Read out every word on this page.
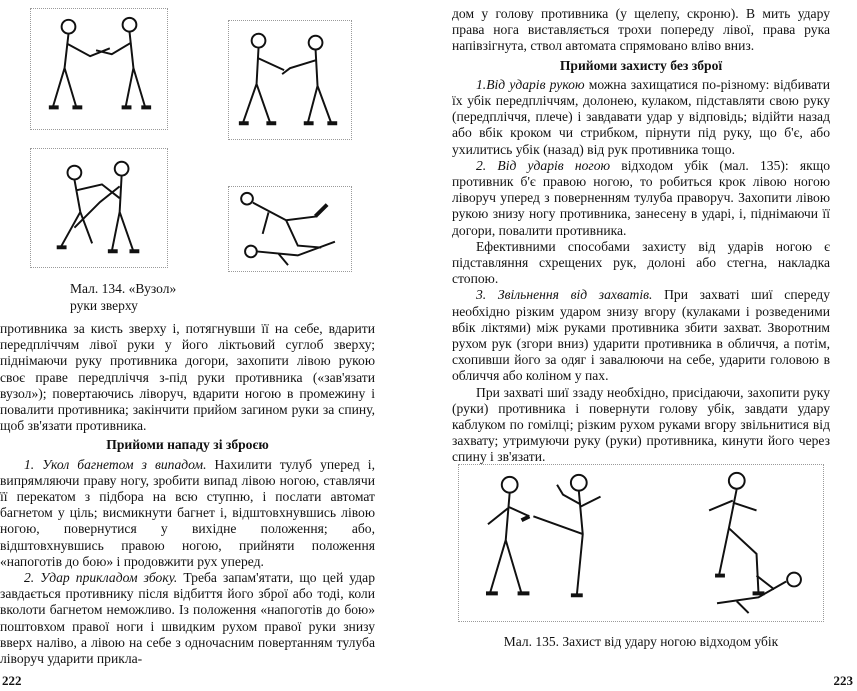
Мал. 134. «Вузол»
руки зверху

противника за кисть зверху і, потягнувши її на себе, вдарити передпліччям лівої руки у його ліктьовий суглоб зверху; піднімаючи руку противника догори, захопити лівою рукою своє праве передпліччя з-під руки противника («зав'язати вузол»); повертаючись ліворуч, вдарити ногою в промежину і повалити противника; закінчити прийом загином руки за спину, щоб зв'язати противника.

Прийоми нападу зі зброєю

1. Укол багнетом з випадом. Нахилити тулуб уперед і, випрямляючи праву ногу, зробити випад лівою ногою, ставлячи її перекатом з підбора на всю ступню, і послати автомат багнетом у ціль; висмикнути багнет і, відштовхнувшись лівою ногою, повернутися у вихідне положення; або, відштовхнувшись правою ногою, прийняти положення «напоготів до бою» і продовжити рух уперед.

2. Удар прикладом збоку. Треба запам'ятати, що цей удар завдається противнику після відбиття його зброї або тоді, коли вколоти багнетом неможливо. Із положення «напоготів до бою» поштовхом правої ноги і швидким рухом правої руки знизу вверх наліво, а лівою на себе з одночасним повертанням тулуба ліворуч ударити прикла-

222

дом у голову противника (у щелепу, скроню). В мить удару права нога виставляється трохи попереду лівої, права рука напівзігнута, ствол автомата спрямовано вліво вниз.

Прийоми захисту без зброї

1.Від ударів рукою можна захищатися по-різному: відбивати їх убік передпліччям, долонею, кулаком, підставляти свою руку (передпліччя, плече) і завдавати удар у відповідь; відійти назад або вбік кроком чи стрибком, пірнути під руку, що б'є, або ухилитись убік (назад) від рук противника тощо.

2. Від ударів ногою відходом убік (мал. 135): якщо противник б'є правою ногою, то робиться крок лівою ногою ліворуч уперед з поверненням тулуба праворуч. Захопити лівою рукою знизу ногу противника, занесену в ударі, і, піднімаючи її догори, повалити противника.

Ефективними способами захисту від ударів ногою є підставляння схрещених рук, долоні або стегна, накладка стопою.

3. Звільнення від захватів. При захваті шиї спереду необхідно різким ударом знизу вгору (кулаками і розведеними вбік ліктями) між руками противника збити захват. Зворотним рухом рук (згори вниз) ударити противника в обличчя, а потім, схопивши його за одяг і завалюючи на себе, ударити головою в обличчя або коліном у пах.

При захваті шиї ззаду необхідно, присідаючи, захопити руку (руки) противника і повернути голову убік, завдати удару каблуком по гомілці; різким рухом руками вгору звільнитися від захвату; утримуючи руку (руки) противника, кинути його через спину і зв'язати.

Мал. 135. Захист від удару ногою відходом убік
223
